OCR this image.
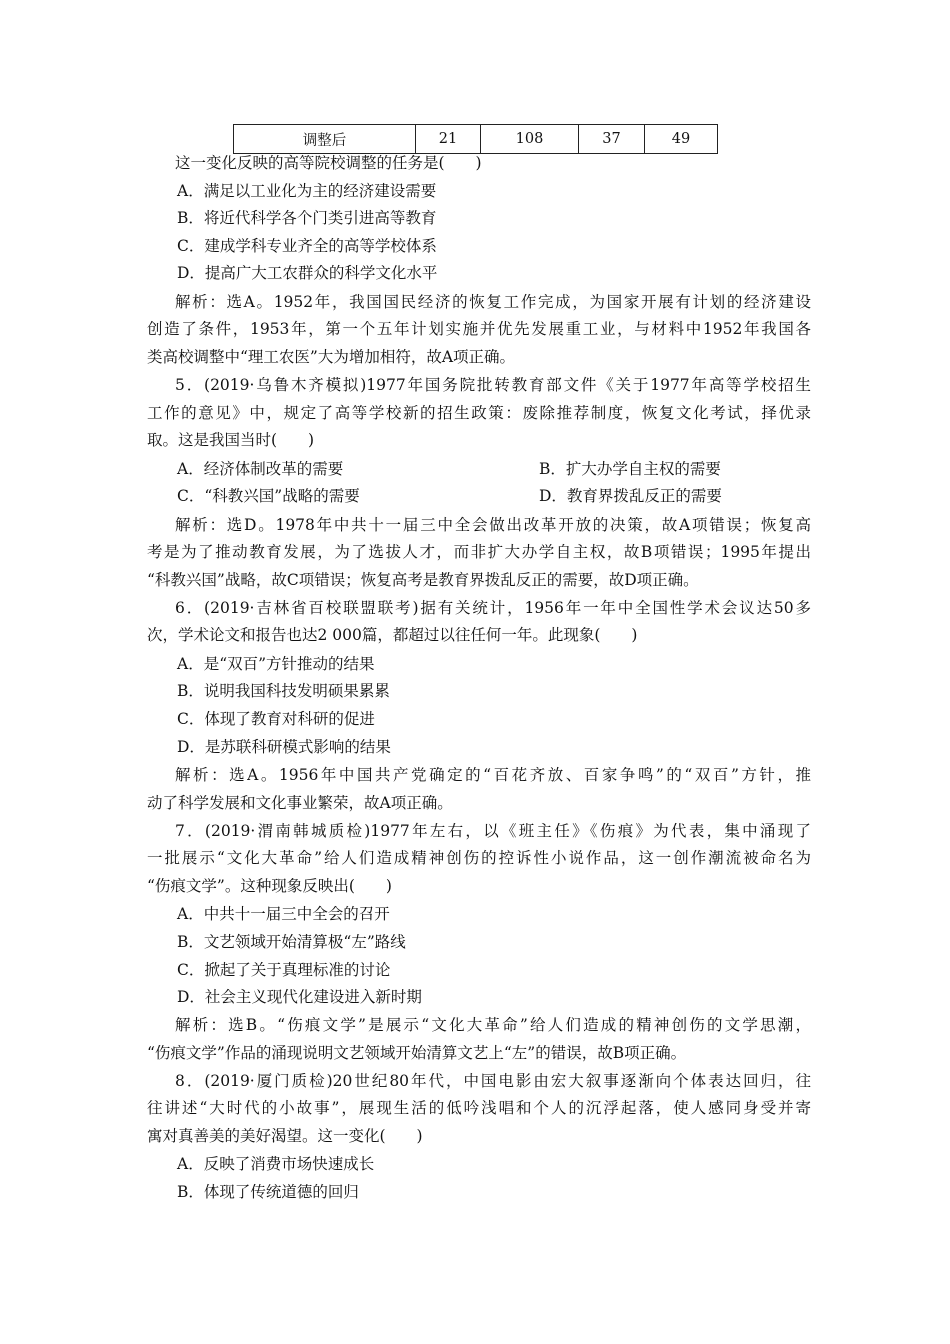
调整后	21	108	37	49
这一变化反映的高等院校调整的任务是(　　)
A．满足以工业化为主的经济建设需要
B．将近代科学各个门类引进高等教育
C．建成学科专业齐全的高等学校体系
D．提高广大工农群众的科学文化水平
解析：选A。1952年，我国国民经济的恢复工作完成，为国家开展有计划的经济建设
创造了条件，1953年，第一个五年计划实施并优先发展重工业，与材料中1952年我国各
类高校调整中“理工农医”大为增加相符，故A项正确。
5．(2019·乌鲁木齐模拟)1977年国务院批转教育部文件《关于1977年高等学校招生
工作的意见》中，规定了高等学校新的招生政策：废除推荐制度，恢复文化考试，择优录
取。这是我国当时(　　)
A．经济体制改革的需要	B．扩大办学自主权的需要
C．“科教兴国”战略的需要	D．教育界拨乱反正的需要
解析：选D。1978年中共十一届三中全会做出改革开放的决策，故A项错误；恢复高
考是为了推动教育发展，为了选拔人才，而非扩大办学自主权，故B项错误；1995年提出
“科教兴国”战略，故C项错误；恢复高考是教育界拨乱反正的需要，故D项正确。
6．(2019·吉林省百校联盟联考)据有关统计，1956年一年中全国性学术会议达50多
次，学术论文和报告也达2 000篇，都超过以往任何一年。此现象(　　)
A．是“双百”方针推动的结果
B．说明我国科技发明硕果累累
C．体现了教育对科研的促进
D．是苏联科研模式影响的结果
解析：选A。1956年中国共产党确定的“百花齐放、百家争鸣”的“双百”方针，推
动了科学发展和文化事业繁荣，故A项正确。
7．(2019·渭南韩城质检)1977年左右，以《班主任》《伤痕》为代表，集中涌现了
一批展示“文化大革命”给人们造成精神创伤的控诉性小说作品，这一创作潮流被命名为
“伤痕文学”。这种现象反映出(　　)
A．中共十一届三中全会的召开
B．文艺领域开始清算极“左”路线
C．掀起了关于真理标准的讨论
D．社会主义现代化建设进入新时期
解析：选B。“伤痕文学”是展示“文化大革命”给人们造成的精神创伤的文学思潮，
“伤痕文学”作品的涌现说明文艺领域开始清算文艺上“左”的错误，故B项正确。
8．(2019·厦门质检)20世纪80年代，中国电影由宏大叙事逐渐向个体表达回归，往
往讲述“大时代的小故事”，展现生活的低吟浅唱和个人的沉浮起落，使人感同身受并寄
寓对真善美的美好渴望。这一变化(　　)
A．反映了消费市场快速成长
B．体现了传统道德的回归
